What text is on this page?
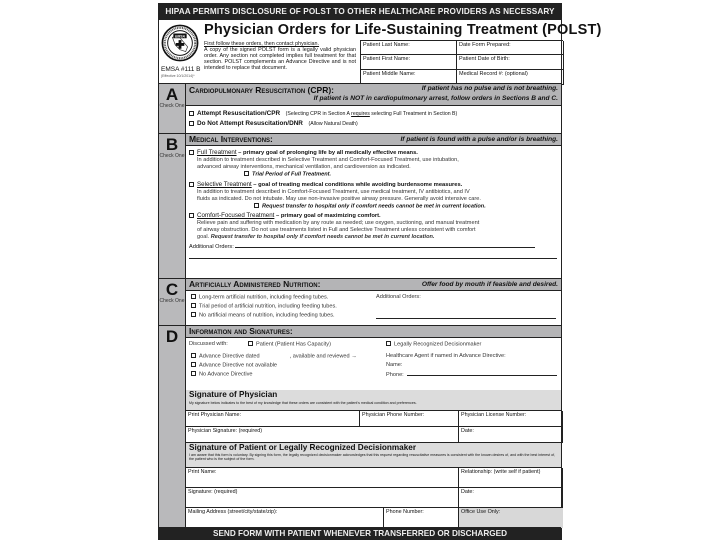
HIPAA PERMITS DISCLOSURE OF POLST TO OTHER HEALTHCARE PROVIDERS AS NECESSARY
EMSA
EMSA #111 B
(Effective 10/1/2014)*
Physician Orders for Life-Sustaining Treatment (POLST)
First follow these orders, then contact physician.
A copy of the signed POLST form is a legally valid physician order. Any section not completed implies full treatment for that section. POLST complements an Advance Directive and is not intended to replace that document.
Patient Last Name:	Date Form Prepared:
Patient First Name:	Patient Date of Birth:
Patient Middle Name:	Medical Record #: (optional)
A
Check One
Cardiopulmonary Resuscitation (CPR):	If patient has no pulse and is not breathing.
If patient is NOT in cardiopulmonary arrest, follow orders in Sections B and C.
Attempt Resuscitation/CPR (Selecting CPR in Section A requires selecting Full Treatment in Section B)
Do Not Attempt Resuscitation/DNR (Allow Natural Death)
B
Check One
Medical Interventions:	If patient is found with a pulse and/or is breathing.
Full Treatment – primary goal of prolonging life by all medically effective means.
In addition to treatment described in Selective Treatment and Comfort-Focused Treatment, use intubation,
advanced airway interventions, mechanical ventilation, and cardioversion as indicated.
Trial Period of Full Treatment.
Selective Treatment – goal of treating medical conditions while avoiding burdensome measures.
In addition to treatment described in Comfort-Focused Treatment, use medical treatment, IV antibiotics, and IV
fluids as indicated. Do not intubate. May use non-invasive positive airway pressure. Generally avoid intensive care.
Request transfer to hospital only if comfort needs cannot be met in current location.
Comfort-Focused Treatment – primary goal of maximizing comfort.
Relieve pain and suffering with medication by any route as needed; use oxygen, suctioning, and manual treatment
of airway obstruction. Do not use treatments listed in Full and Selective Treatment unless consistent with comfort
goal. Request transfer to hospital only if comfort needs cannot be met in current location.
Additional Orders:
C
Check One
Artificially Administered Nutrition:	Offer food by mouth if feasible and desired.
Long-term artificial nutrition, including feeding tubes.
Trial period of artificial nutrition, including feeding tubes.
No artificial means of nutrition, including feeding tubes.
Additional Orders:
D	Information and Signatures:
Discussed with:	Patient (Patient Has Capacity)	Legally Recognized Decisionmaker
Advance Directive dated	, available and reviewed →
Advance Directive not available
No Advance Directive
Healthcare Agent if named in Advance Directive:
Name:
Phone:
Signature of Physician
My signature below indicates to the best of my knowledge that these orders are consistent with the patient's medical condition and preferences.
Print Physician Name:	Physician Phone Number:	Physician License Number:
Physician Signature: (required)	Date:
Signature of Patient or Legally Recognized Decisionmaker
I am aware that this form is voluntary. By signing this form, the legally recognized decisionmaker acknowledges that this request regarding resuscitative measures is consistent with the known desires of, and with the best interest of, the patient who is the subject of the form.
Print Name:	Relationship: (write self if patient)
Signature: (required)	Date:
Mailing Address (street/city/state/zip):	Phone Number:	Office Use Only:
SEND FORM WITH PATIENT WHENEVER TRANSFERRED OR DISCHARGED
